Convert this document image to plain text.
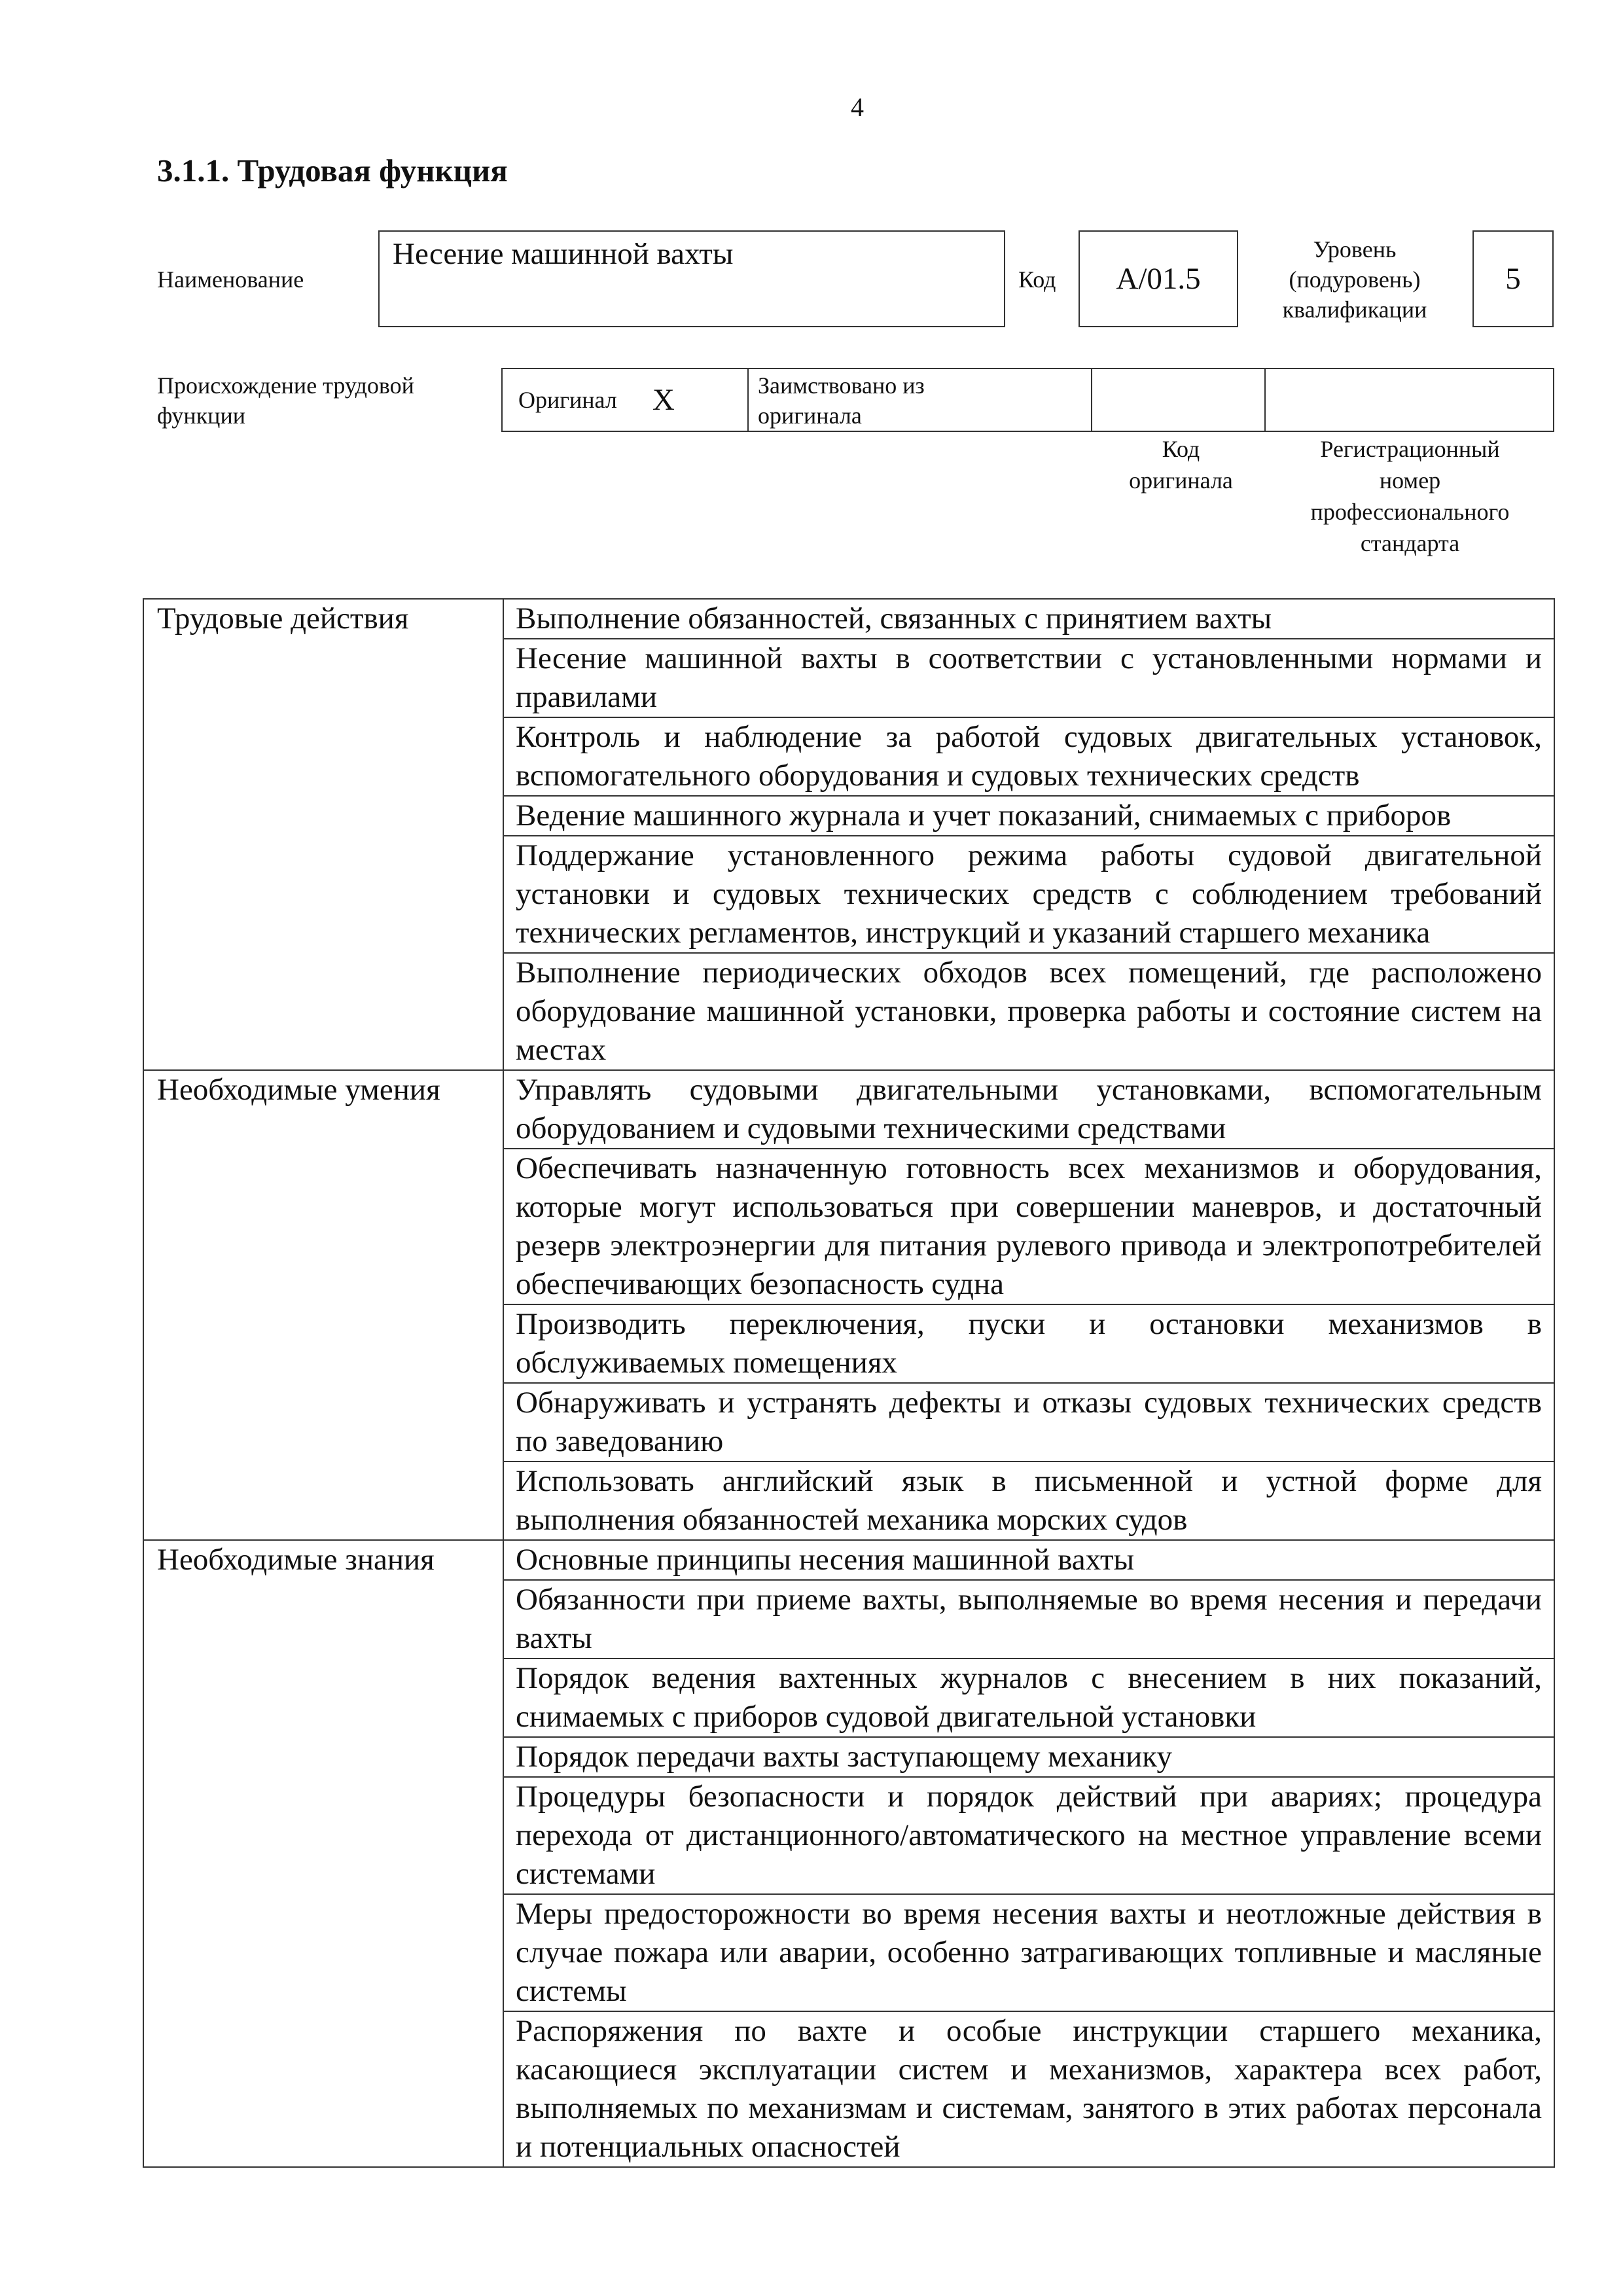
4
3.1.1. Трудовая функция
Наименование
Несение машинной вахты
Код А/01.5
Уровень
(подуровень)
квалификации
5
Происхождение трудовой
функции
Оригинал X	Заимствовано из
оригинала
Код
оригинала
Регистрационный
номер
профессионального
стандарта
Трудовые действия	Выполнение обязанностей, связанных с принятием вахты
	Несение машинной вахты в соответствии с установленными нормами и правилами
	Контроль и наблюдение за работой судовых двигательных установок, вспомогательного оборудования и судовых технических средств
	Ведение машинного журнала и учет показаний, снимаемых с приборов
	Поддержание установленного режима работы судовой двигательной установки и судовых технических средств с соблюдением требований технических регламентов, инструкций и указаний старшего механика
	Выполнение периодических обходов всех помещений, где расположено оборудование машинной установки, проверка работы и состояние систем на местах
Необходимые умения	Управлять судовыми двигательными установками, вспомогательным оборудованием и судовыми техническими средствами
	Обеспечивать назначенную готовность всех механизмов и оборудования, которые могут использоваться при совершении маневров, и достаточный резерв электроэнергии для питания рулевого привода и электропотребителей обеспечивающих безопасность судна
	Производить переключения, пуски и остановки механизмов в обслуживаемых помещениях
	Обнаруживать и устранять дефекты и отказы судовых технических средств по заведованию
	Использовать английский язык в письменной и устной форме для выполнения обязанностей механика морских судов
Необходимые знания	Основные принципы несения машинной вахты
	Обязанности при приеме вахты, выполняемые во время несения и передачи вахты
	Порядок ведения вахтенных журналов с внесением в них показаний, снимаемых с приборов судовой двигательной установки
	Порядок передачи вахты заступающему механику
	Процедуры безопасности и порядок действий при авариях; процедура перехода от дистанционного/автоматического на местное управление всеми системами
	Меры предосторожности во время несения вахты и неотложные действия в случае пожара или аварии, особенно затрагивающих топливные и масляные системы
	Распоряжения по вахте и особые инструкции старшего механика, касающиеся эксплуатации систем и механизмов, характера всех работ, выполняемых по механизмам и системам, занятого в этих работах персонала и потенциальных опасностей
